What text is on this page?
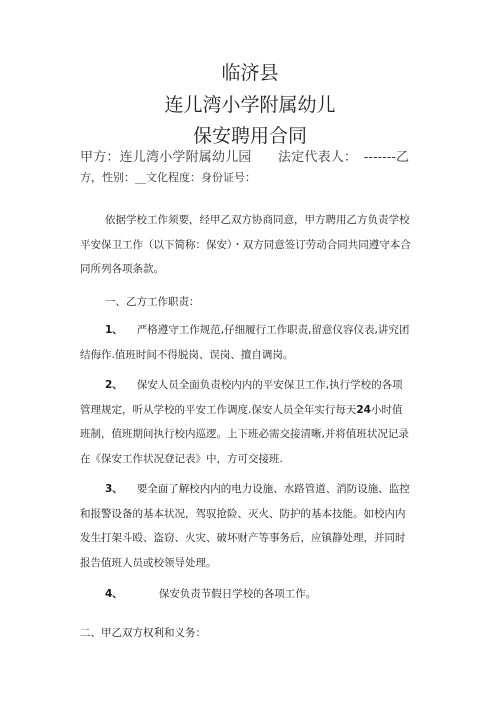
临济县
连儿湾小学附属幼儿
保安聘用合同
甲方：连儿湾小学附属幼儿园　　法定代表人：　-------乙
方，性别：__文化程度：身份证号：
依据学校工作须要，经甲乙双方协商同意，甲方聘用乙方负责学校
平安保卫工作（以下简称：保安）・双方同意签订劳动合同共同遵守本合
同所列各项条款。
一、乙方工作职责：
1、 严格遵守工作规范,仔细履行工作职责,留意仪容仪表,讲究团
结侮作.值班时间不得脱岗、误岗、擅自调岗。
2、 保安人员全面负责校内内的平安保卫工作,执行学校的各项
管理规定，听从学校的平安工作调度.保安人员全年实行每天24小时值
班制，值班期间执行校内巡逻。上下班必需交接清晰,并将值班状况记录
在《保安工作状况登记表》中，方可交接班.
3、 要全面了解校内内的电力设施、水路管道、消防设施、监控
和报警设备的基本状况，驾驭抢险、灭火、防护的基本技能。如校内内
发生打架斗殴、盗窃、火灾、破坏财产等事务后，应镇静处理，并同时
报告值班人员或校领导处理。
4、	保安负责节假日学校的各项工作。
二、甲乙双方权利和义务：
